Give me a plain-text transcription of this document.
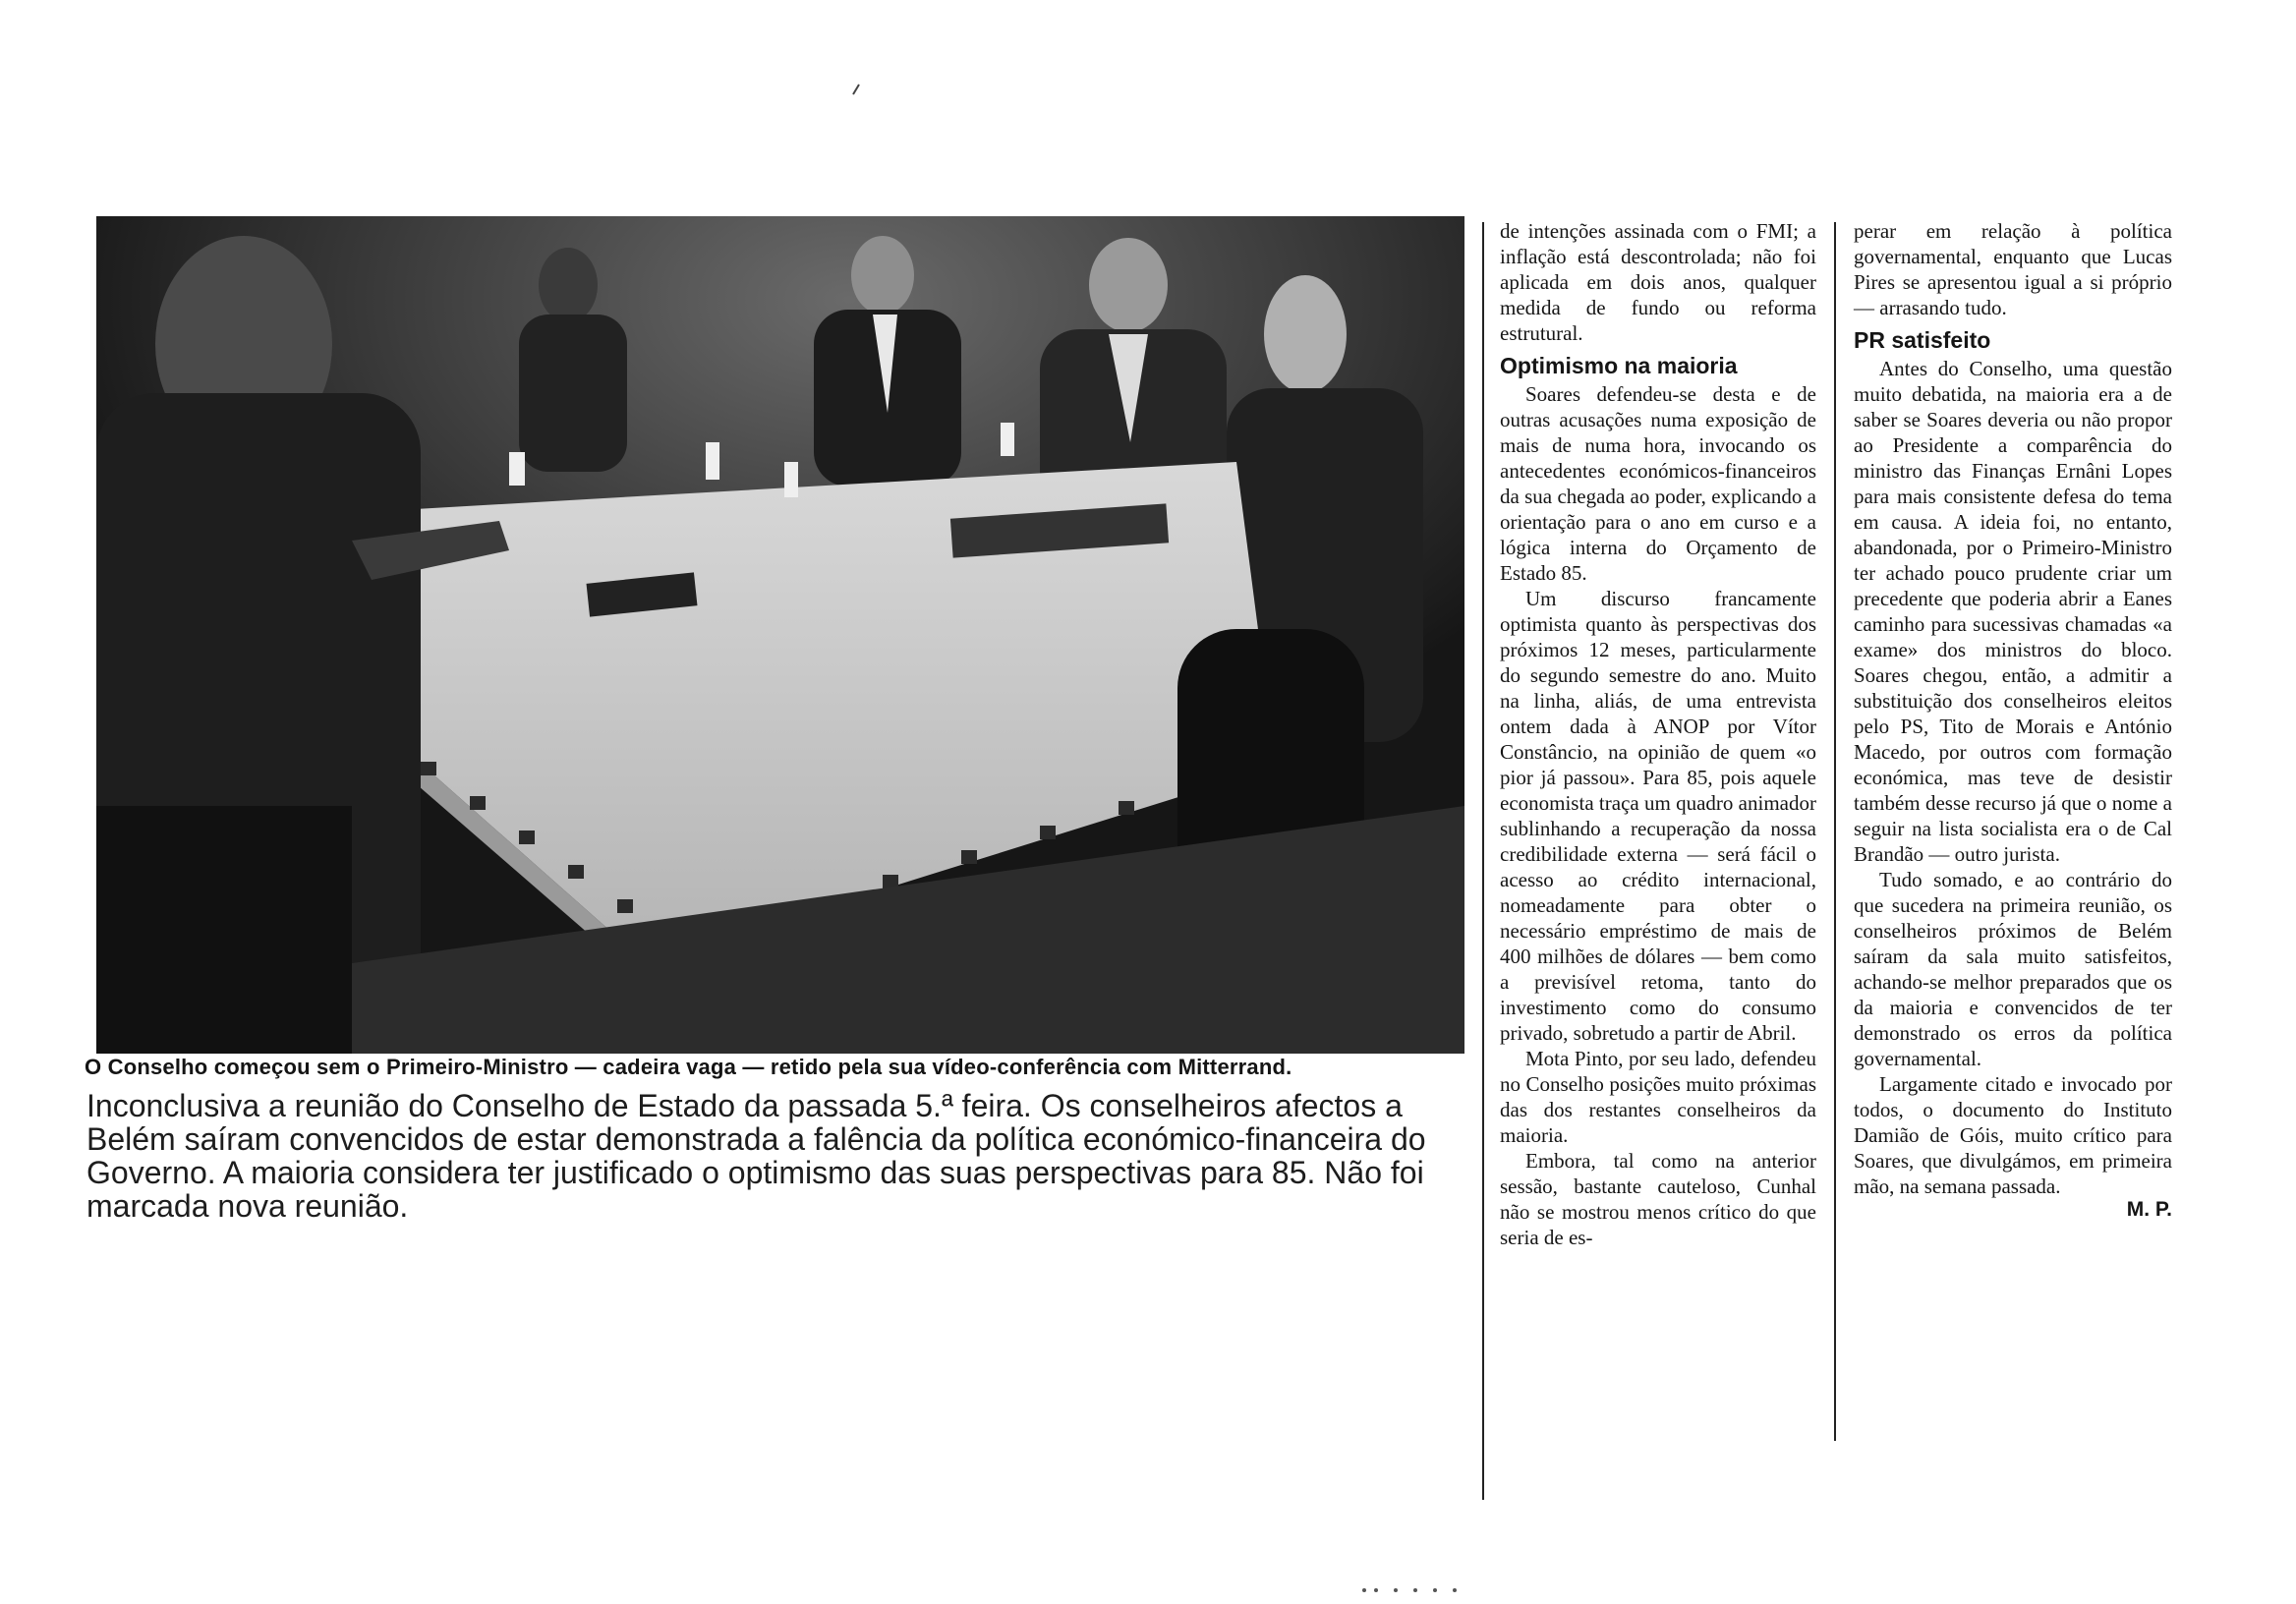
O Conselho começou sem o Primeiro-Ministro — cadeira vaga — retido pela sua vídeo-conferência com Mitterrand.
Inconclusiva a reunião do Conselho de Estado da passada 5.ª feira. Os conselheiros afectos a Belém saíram convencidos de estar demonstrada a falência da política económico-financeira do Governo. A maioria considera ter justificado o optimismo das suas perspectivas para 85. Não foi marcada nova reunião.

de intenções assinada com o FMI; a inflação está descontrolada; não foi aplicada em dois anos, qualquer medida de fundo ou reforma estrutural.

Optimismo na maioria

Soares defendeu-se desta e de outras acusações numa exposição de mais de numa hora, invocando os antecedentes económicos-financeiros da sua chegada ao poder, explicando a orientação para o ano em curso e a lógica interna do Orçamento de Estado 85.

Um discurso francamente optimista quanto às perspectivas dos próximos 12 meses, particularmente do segundo semestre do ano. Muito na linha, aliás, de uma entrevista ontem dada à ANOP por Vítor Constâncio, na opinião de quem «o pior já passou». Para 85, pois aquele economista traça um quadro animador sublinhando a recuperação da nossa credibilidade externa — será fácil o acesso ao crédito internacional, nomeadamente para obter o necessário empréstimo de mais de 400 milhões de dólares — bem como a previsível retoma, tanto do investimento como do consumo privado, sobretudo a partir de Abril.

Mota Pinto, por seu lado, defendeu no Conselho posições muito próximas das dos restantes conselheiros da maioria.

Embora, tal como na anterior sessão, bastante cauteloso, Cunhal não se mostrou menos crítico do que seria de es-

perar em relação à política governamental, enquanto que Lucas Pires se apresentou igual a si próprio — arrasando tudo.

PR satisfeito

Antes do Conselho, uma questão muito debatida, na maioria era a de saber se Soares deveria ou não propor ao Presidente a comparência do ministro das Finanças Ernâni Lopes para mais consistente defesa do tema em causa. A ideia foi, no entanto, abandonada, por o Primeiro-Ministro ter achado pouco prudente criar um precedente que poderia abrir a Eanes caminho para sucessivas chamadas «a exame» dos ministros do bloco. Soares chegou, então, a admitir a substituição dos conselheiros eleitos pelo PS, Tito de Morais e António Macedo, por outros com formação económica, mas teve de desistir também desse recurso já que o nome a seguir na lista socialista era o de Cal Brandão — outro jurista.

Tudo somado, e ao contrário do que sucedera na primeira reunião, os conselheiros próximos de Belém saíram da sala muito satisfeitos, achando-se melhor preparados que os da maioria e convencidos de ter demonstrado os erros da política governamental.

Largamente citado e invocado por todos, o documento do Instituto Damião de Góis, muito crítico para Soares, que divulgámos, em primeira mão, na semana passada.

M. P.
